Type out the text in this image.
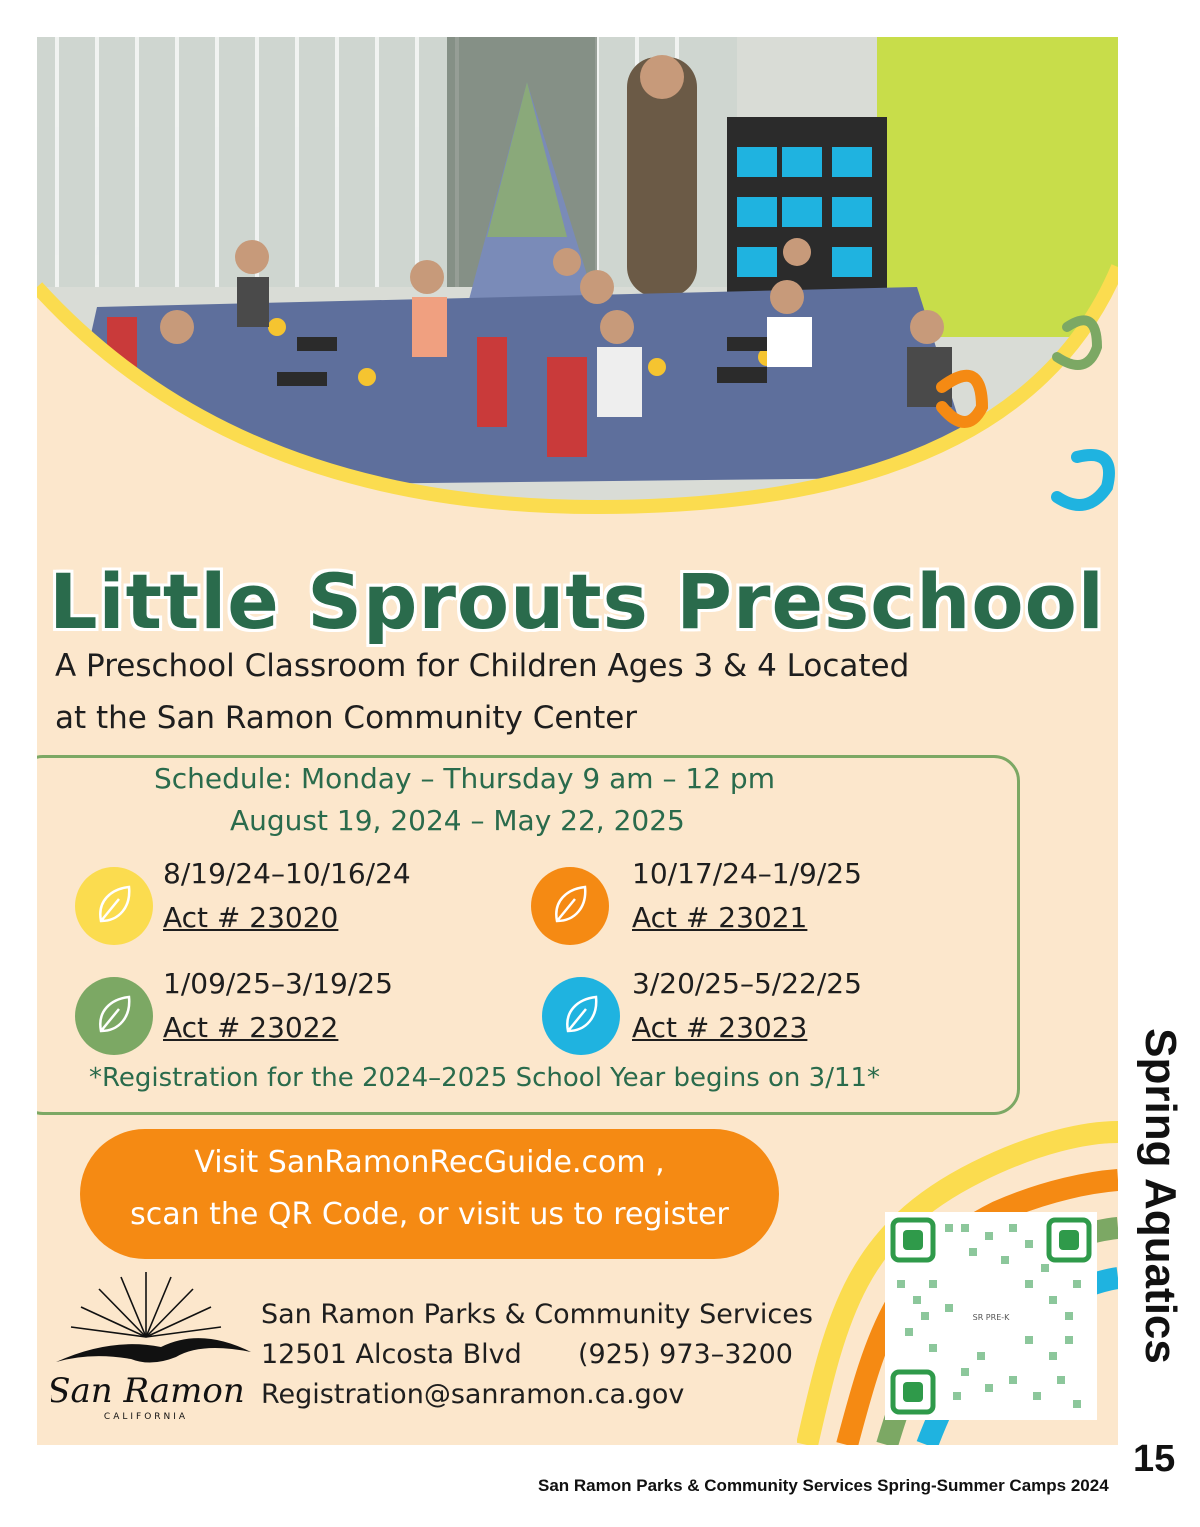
Little Sprouts Preschool
A Preschool Classroom for Children Ages 3 & 4 Located
at the San Ramon Community Center
Schedule: Monday – Thursday 9 am – 12 pm
August 19, 2024 – May 22, 2025
8/19/24–10/16/24
Act # 23020
10/17/24–1/9/25
Act # 23021
1/09/25–3/19/25
Act # 23022
3/20/25–5/22/25
Act # 23023
*Registration for the 2024–2025 School Year begins on 3/11*
Visit SanRamonRecGuide.com ,
scan the QR Code, or visit us to register
San Ramon
CALIFORNIA
San Ramon Parks & Community Services
12501 Alcosta Blvd (925) 973–3200
Registration@sanramon.ca.gov
SR PRE-K	Spring Aquatics
15
San Ramon Parks & Community Services Spring-Summer Camps 2024
